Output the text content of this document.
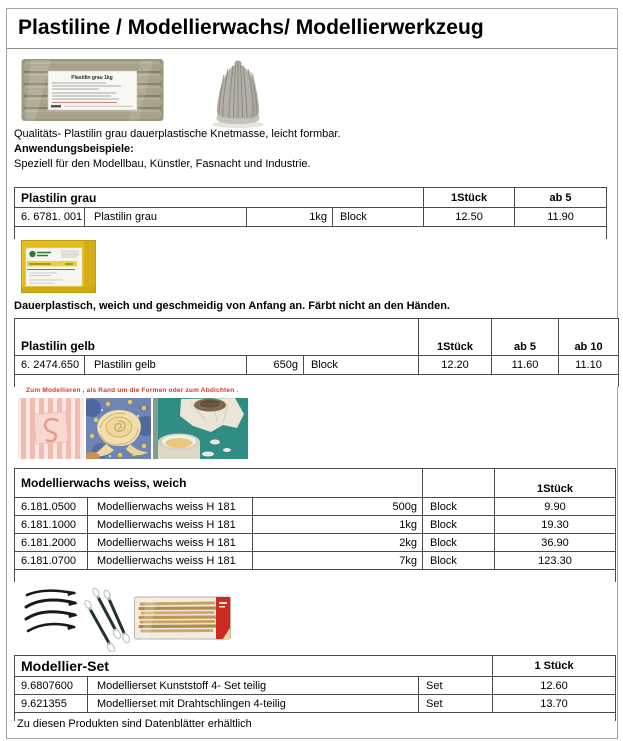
Plastiline / Modellierwachs/ Modellierwerkzeug
Plastilin grau 1kg
Qualitäts- Plastilin grau dauerplastische Knetmasse, leicht formbar.
Anwendungsbeispiele:
Speziell für den Modellbau, Künstler, Fasnacht und Industrie.
Plastilin grau				1Stück	ab 5
6. 6781. 001	Plastilin grau	1kg	Block	12.50	11.90

Dauerplastisch, weich und geschmeidig von Anfang an. Färbt nicht an den Händen.
Plastilin gelb				1Stück	ab 5	ab 10
6. 2474.650	Plastilin gelb	650g	Block	12.20	11.60	11.10

Zum Modellieren , als Rand um die Formen oder zum Abdichten .
Modellierwachs weiss, weich				1Stück
6.181.0500	Modellierwachs weiss H 181	500g	Block	9.90
6.181.1000	Modellierwachs weiss H 181	1kg	Block	19.30
6.181.2000	Modellierwachs weiss H 181	2kg	Block	36.90
6.181.0700	Modellierwachs weiss H 181	7kg	Block	123.30

Modellier-Set			1 Stück
9.6807600	Modellierset Kunststoff 4- Set teilig	Set	12.60
9.621355	Modellierset mit Drahtschlingen 4-teilig	Set	13.70

Zu diesen Produkten sind Datenblätter erhältlich
